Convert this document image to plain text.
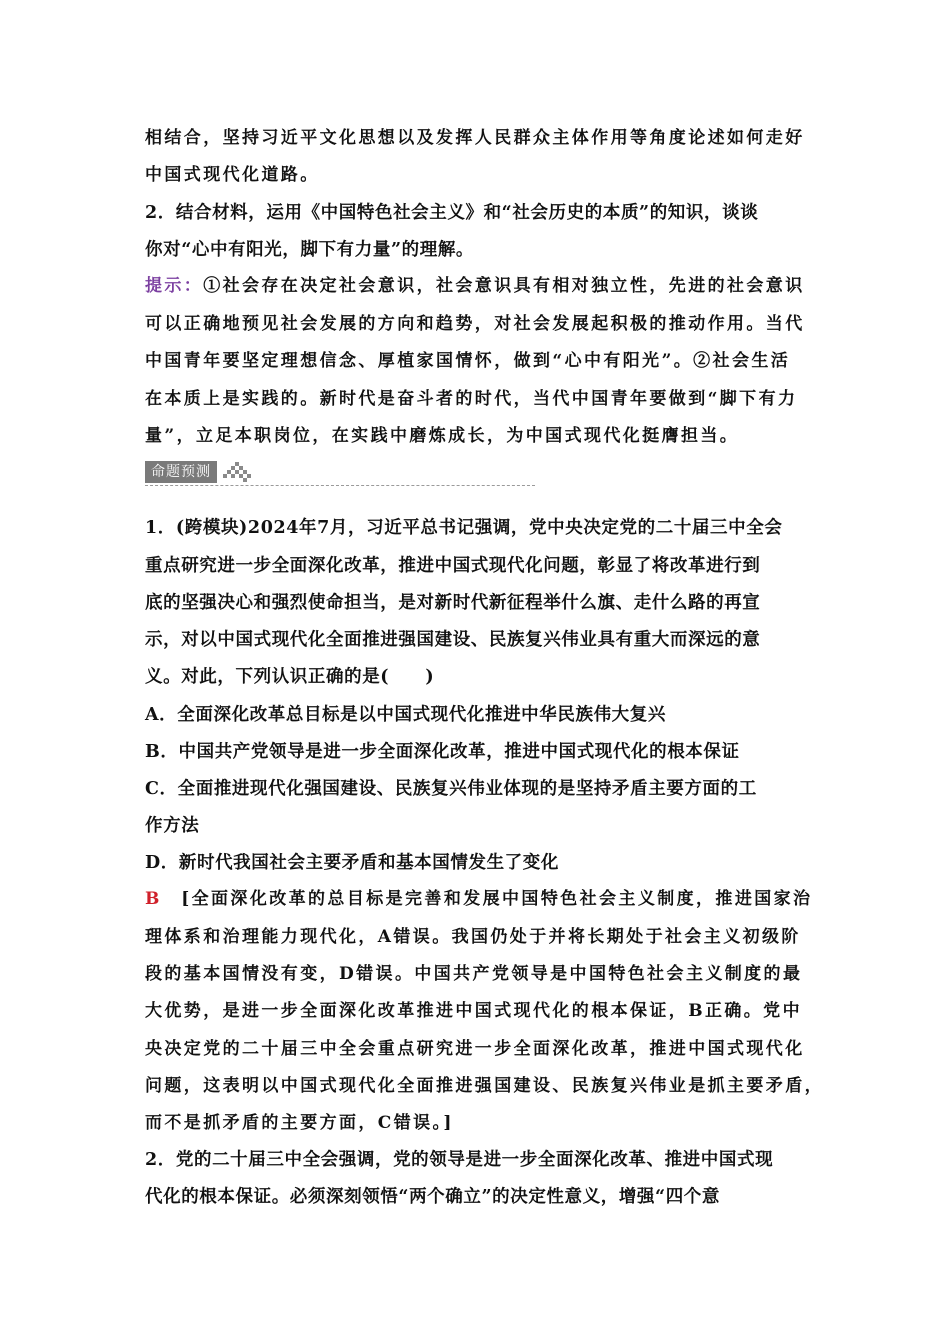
相结合，坚持习近平文化思想以及发挥人民群众主体作用等角度论述如何走好
中国式现代化道路。
2．结合材料，运用《中国特色社会主义》和“社会历史的本质”的知识，谈谈
你对“心中有阳光，脚下有力量”的理解。
提示：①社会存在决定社会意识，社会意识具有相对独立性，先进的社会意识
可以正确地预见社会发展的方向和趋势，对社会发展起积极的推动作用。当代
中国青年要坚定理想信念、厚植家国情怀，做到“心中有阳光”。②社会生活
在本质上是实践的。新时代是奋斗者的时代，当代中国青年要做到“脚下有力
量”，立足本职岗位，在实践中磨炼成长，为中国式现代化挺膺担当。
命题预测
1．(跨模块)2024年7月，习近平总书记强调，党中央决定党的二十届三中全会
重点研究进一步全面深化改革，推进中国式现代化问题，彰显了将改革进行到
底的坚强决心和强烈使命担当，是对新时代新征程举什么旗、走什么路的再宣
示，对以中国式现代化全面推进强国建设、民族复兴伟业具有重大而深远的意
义。对此，下列认识正确的是(　　)
A．全面深化改革总目标是以中国式现代化推进中华民族伟大复兴
B．中国共产党领导是进一步全面深化改革，推进中国式现代化的根本保证
C．全面推进现代化强国建设、民族复兴伟业体现的是坚持矛盾主要方面的工
作方法
D．新时代我国社会主要矛盾和基本国情发生了变化
B  [全面深化改革的总目标是完善和发展中国特色社会主义制度，推进国家治
理体系和治理能力现代化，A错误。我国仍处于并将长期处于社会主义初级阶
段的基本国情没有变，D错误。中国共产党领导是中国特色社会主义制度的最
大优势，是进一步全面深化改革推进中国式现代化的根本保证，B正确。党中
央决定党的二十届三中全会重点研究进一步全面深化改革，推进中国式现代化
问题，这表明以中国式现代化全面推进强国建设、民族复兴伟业是抓主要矛盾，
而不是抓矛盾的主要方面，C错误。]
2．党的二十届三中全会强调，党的领导是进一步全面深化改革、推进中国式现
代化的根本保证。必须深刻领悟“两个确立”的决定性意义，增强“四个意
